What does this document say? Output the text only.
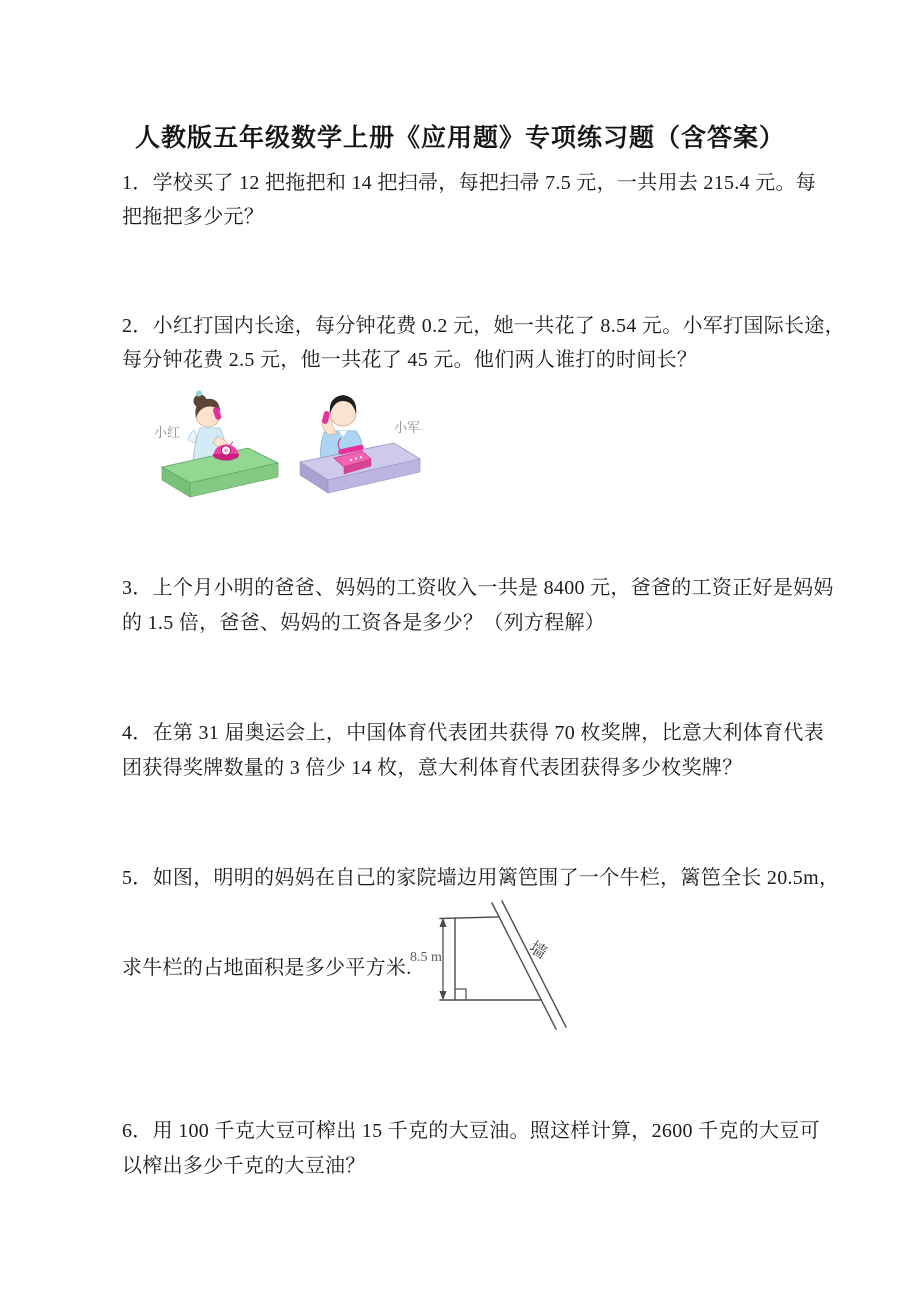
人教版五年级数学上册《应用题》专项练习题（含答案）
1．学校买了 12 把拖把和 14 把扫帚，每把扫帚 7.5 元，一共用去 215.4 元。每
把拖把多少元？
2．小红打国内长途，每分钟花费 0.2 元，她一共花了 8.54 元。小军打国际长途，
每分钟花费 2.5 元，他一共花了 45 元。他们两人谁打的时间长？
小红	小军
3．上个月小明的爸爸、妈妈的工资收入一共是 8400 元，爸爸的工资正好是妈妈
的 1.5 倍，爸爸、妈妈的工资各是多少？（列方程解）
4．在第 31 届奥运会上，中国体育代表团共获得 70 枚奖牌，比意大利体育代表
团获得奖牌数量的 3 倍少 14 枚，意大利体育代表团获得多少枚奖牌？
5．如图，明明的妈妈在自己的家院墙边用篱笆围了一个牛栏，篱笆全长 20.5m，
求牛栏的占地面积是多少平方米.
8.5 m	墙
6．用 100 千克大豆可榨出 15 千克的大豆油。照这样计算，2600 千克的大豆可
以榨出多少千克的大豆油？
